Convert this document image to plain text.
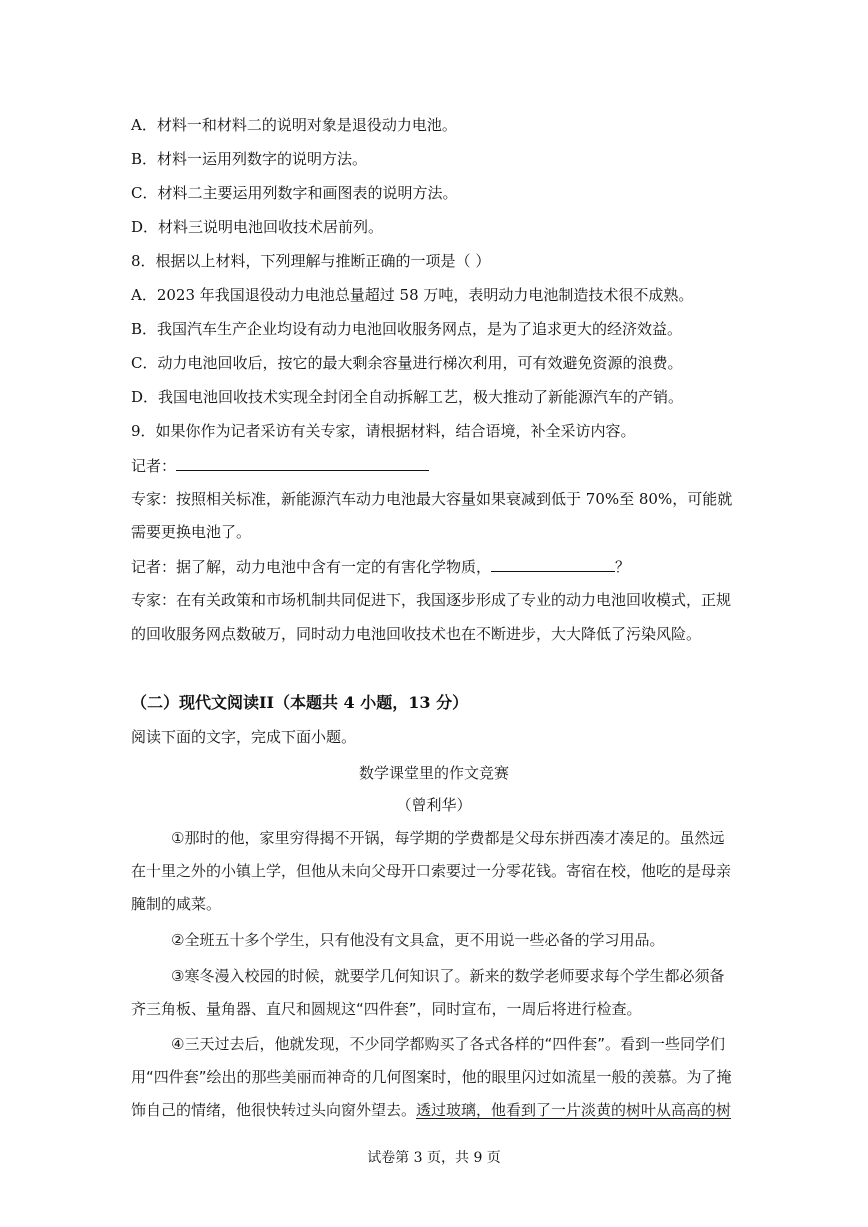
A．材料一和材料二的说明对象是退役动力电池。
B．材料一运用列数字的说明方法。
C．材料二主要运用列数字和画图表的说明方法。
D．材料三说明电池回收技术居前列。
8．根据以上材料，下列理解与推断正确的一项是（ ）
A．2023 年我国退役动力电池总量超过 58 万吨，表明动力电池制造技术很不成熟。
B．我国汽车生产企业均设有动力电池回收服务网点，是为了追求更大的经济效益。
C．动力电池回收后，按它的最大剩余容量进行梯次利用，可有效避免资源的浪费。
D．我国电池回收技术实现全封闭全自动拆解工艺，极大推动了新能源汽车的产销。
9．如果你作为记者采访有关专家，请根据材料，结合语境，补全采访内容。
记者：
专家：按照相关标准，新能源汽车动力电池最大容量如果衰减到低于 70%至 80%，可能就
需要更换电池了。
记者：据了解，动力电池中含有一定的有害化学物质，	？
专家：在有关政策和市场机制共同促进下，我国逐步形成了专业的动力电池回收模式，正规
的回收服务网点数破万，同时动力电池回收技术也在不断进步，大大降低了污染风险。
（二）现代文阅读II（本题共 4 小题，13 分）
阅读下面的文字，完成下面小题。
数学课堂里的作文竞赛
（曾利华）
①那时的他，家里穷得揭不开锅，每学期的学费都是父母东拼西凑才凑足的。虽然远
在十里之外的小镇上学，但他从未向父母开口索要过一分零花钱。寄宿在校，他吃的是母亲
腌制的咸菜。
②全班五十多个学生，只有他没有文具盒，更不用说一些必备的学习用品。
③寒冬漫入校园的时候，就要学几何知识了。新来的数学老师要求每个学生都必须备
齐三角板、量角器、直尺和圆规这“四件套”，同时宣布，一周后将进行检查。
④三天过去后，他就发现，不少同学都购买了各式各样的“四件套”。看到一些同学们
用“四件套”绘出的那些美丽而神奇的几何图案时，他的眼里闪过如流星一般的羡慕。为了掩
饰自己的情绪，他很快转过头向窗外望去。透过玻璃，他看到了一片淡黄的树叶从高高的树
试卷第 3 页，共 9 页
